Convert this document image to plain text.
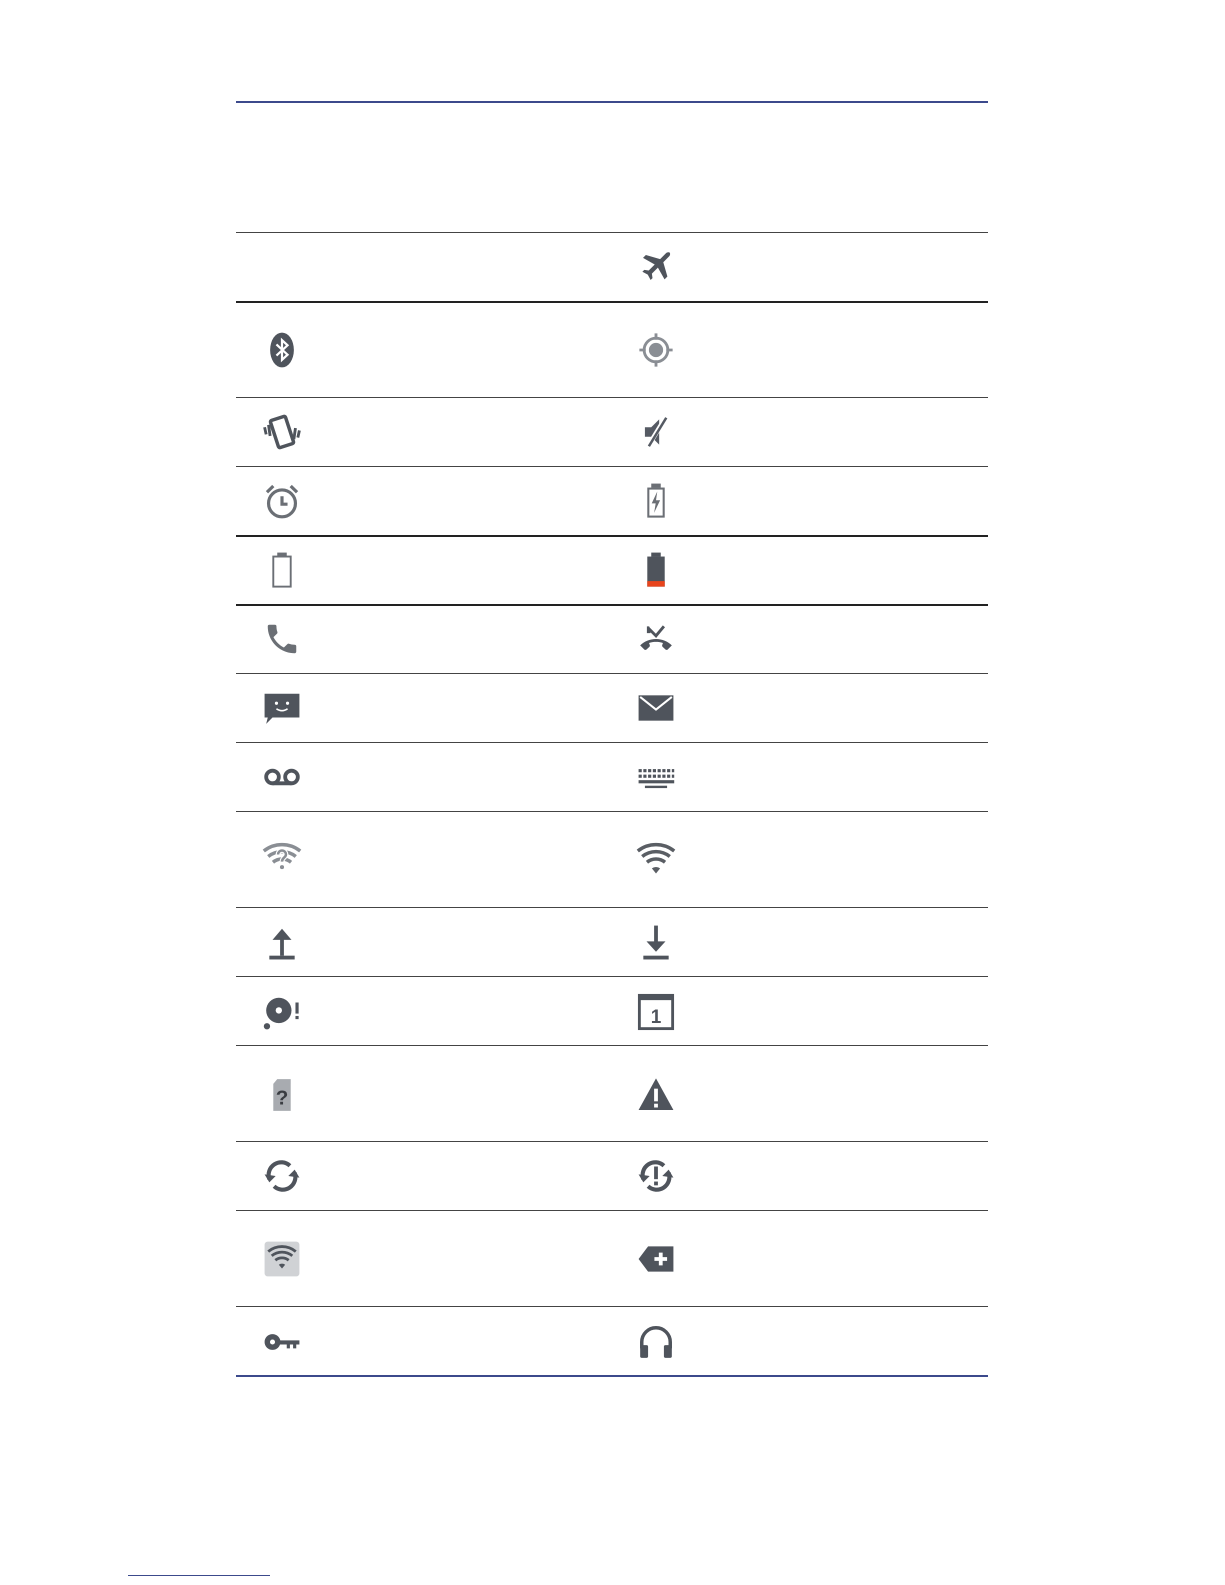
1
?
